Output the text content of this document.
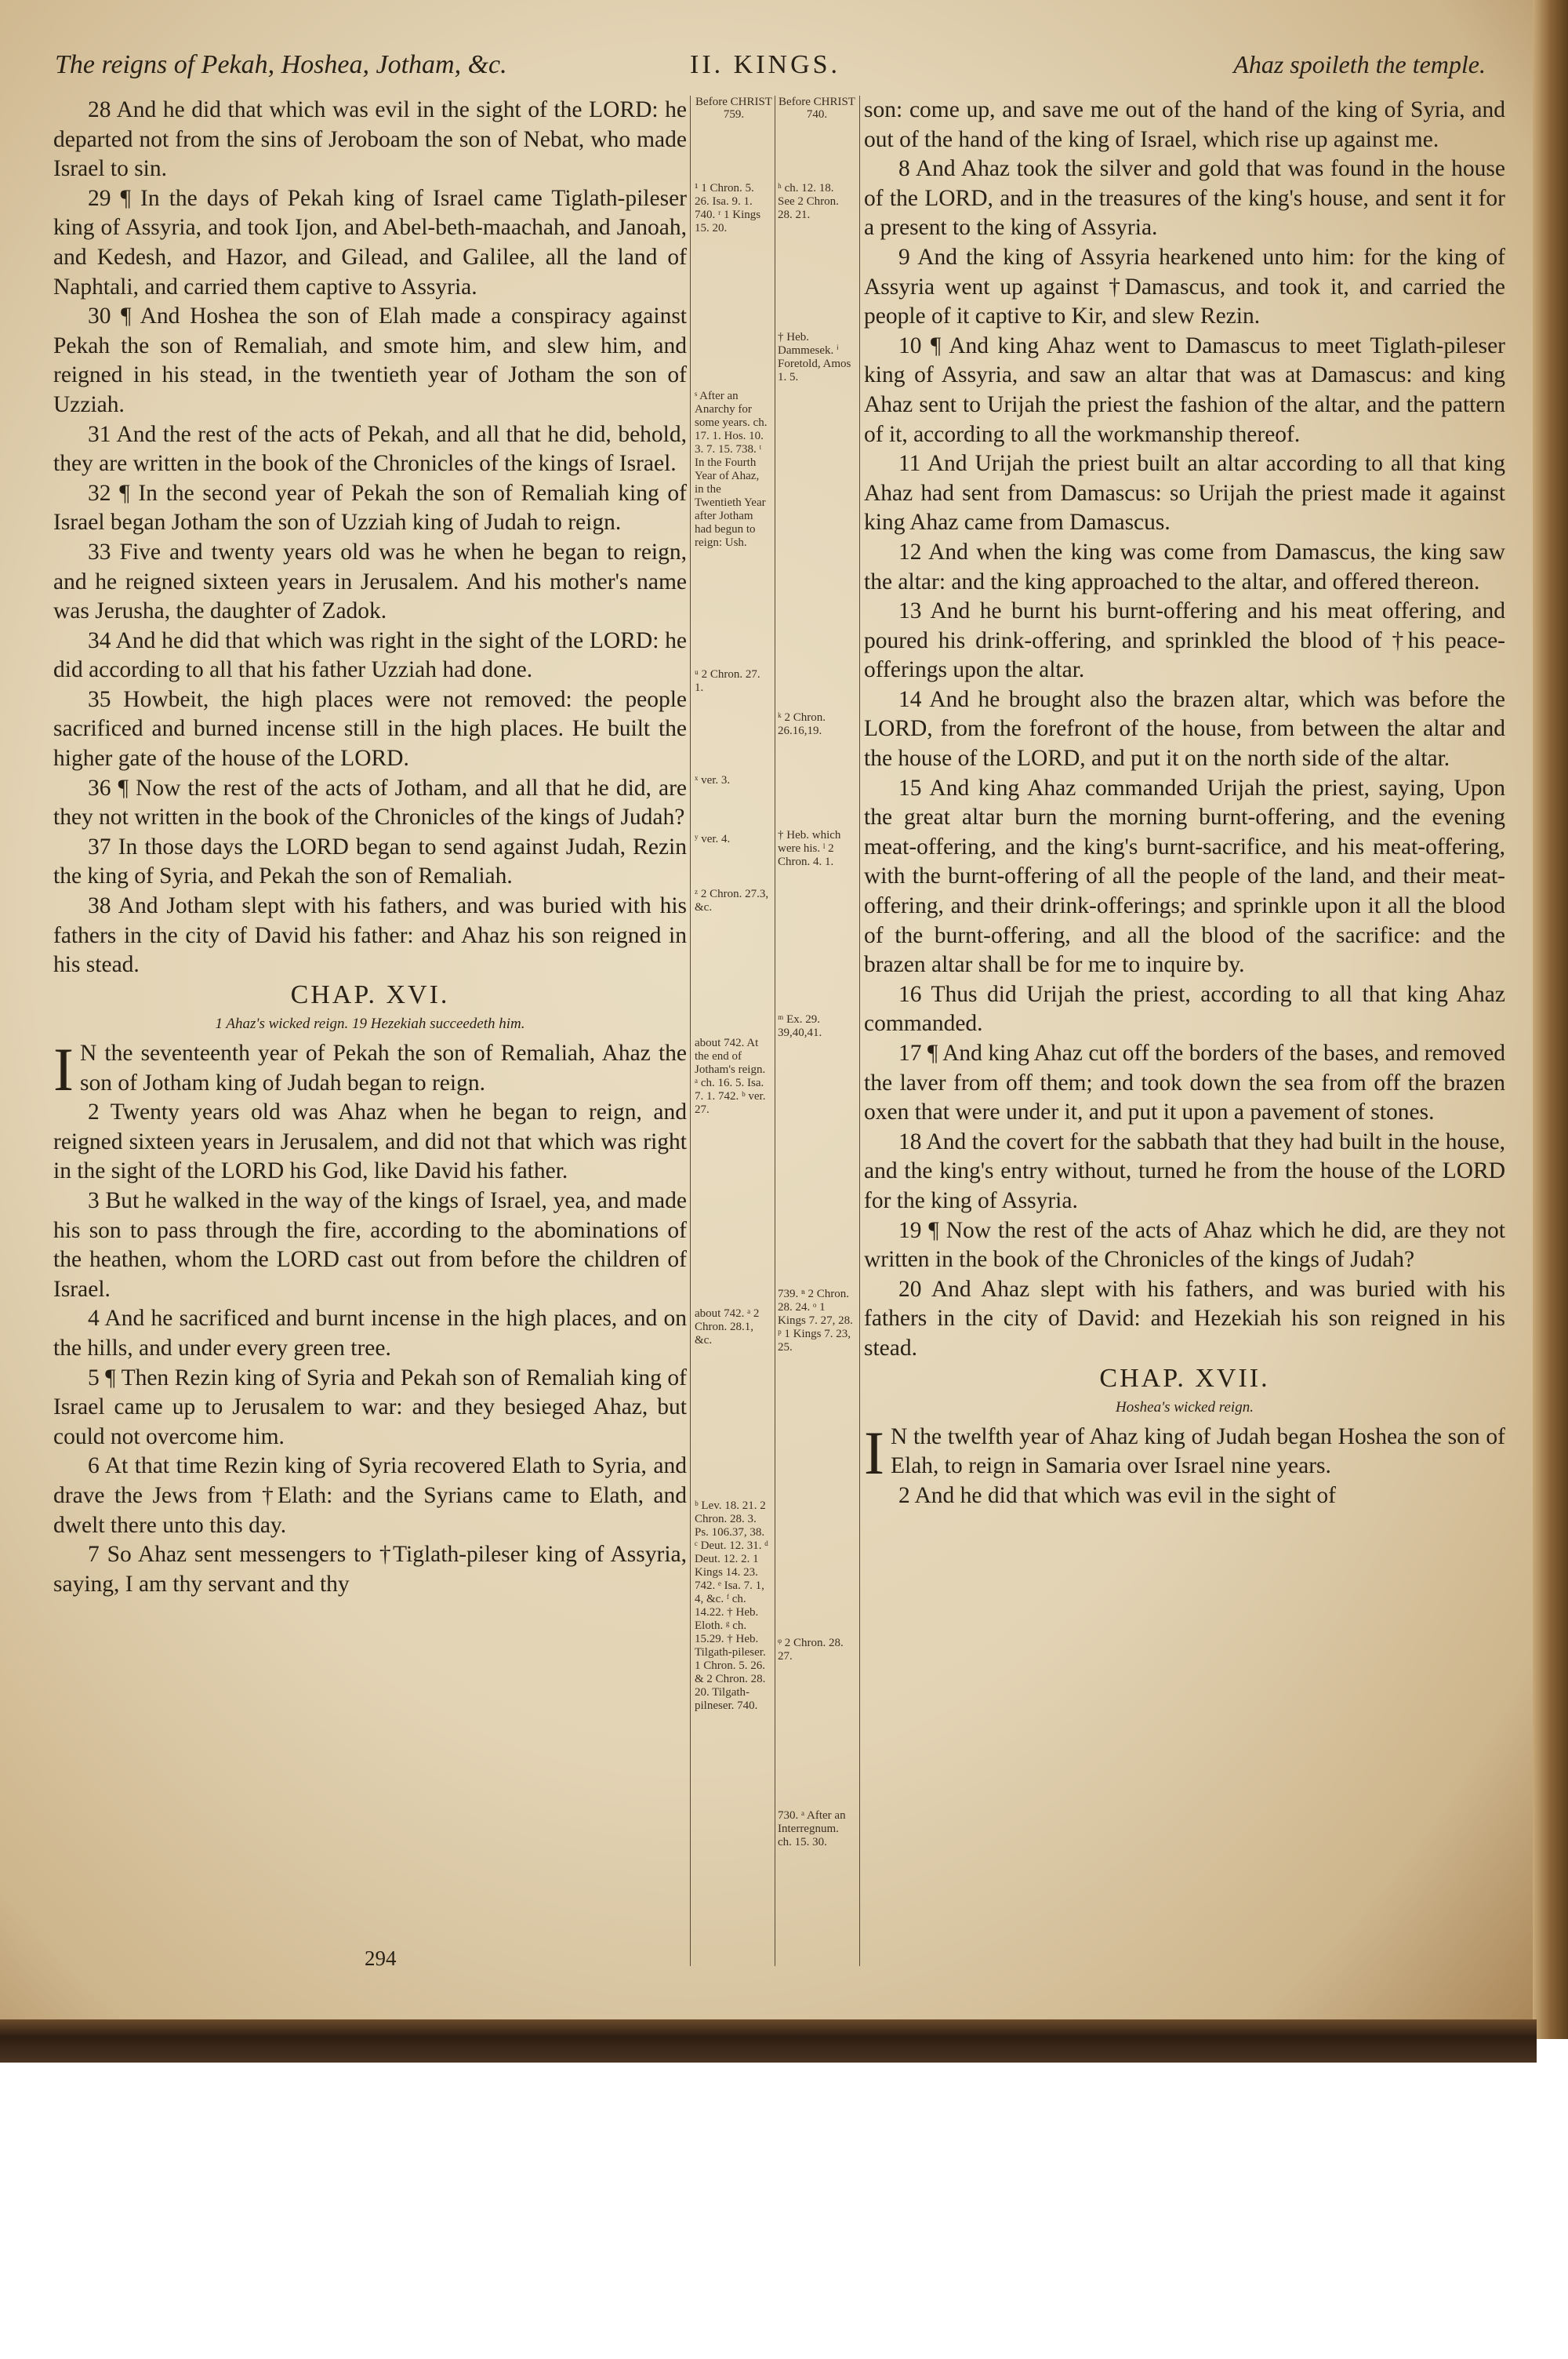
The reigns of Pekah, Hoshea, Jotham, &c.	II. KINGS.	Ahaz spoileth the temple.

28 And he did that which was evil in the sight of the LORD: he departed not from the sins of Jeroboam the son of Nebat, who made Israel to sin.

29 ¶ In the days of Pekah king of Israel came Tiglath-pileser king of Assyria, and took Ijon, and Abel-beth-maachah, and Janoah, and Kedesh, and Hazor, and Gilead, and Galilee, all the land of Naphtali, and carried them captive to Assyria.

30 ¶ And Hoshea the son of Elah made a conspiracy against Pekah the son of Remaliah, and smote him, and slew him, and reigned in his stead, in the twentieth year of Jotham the son of Uzziah.

31 And the rest of the acts of Pekah, and all that he did, behold, they are written in the book of the Chronicles of the kings of Israel.

32 ¶ In the second year of Pekah the son of Remaliah king of Israel began Jotham the son of Uzziah king of Judah to reign.

33 Five and twenty years old was he when he began to reign, and he reigned sixteen years in Jerusalem. And his mother's name was Jerusha, the daughter of Zadok.

34 And he did that which was right in the sight of the LORD: he did according to all that his father Uzziah had done.

35 Howbeit, the high places were not removed: the people sacrificed and burned incense still in the high places. He built the higher gate of the house of the LORD.

36 ¶ Now the rest of the acts of Jotham, and all that he did, are they not written in the book of the Chronicles of the kings of Judah?

37 In those days the LORD began to send against Judah, Rezin the king of Syria, and Pekah the son of Remaliah.

38 And Jotham slept with his fathers, and was buried with his fathers in the city of David his father: and Ahaz his son reigned in his stead.

CHAP. XVI.

1 Ahaz's wicked reign. 19 Hezekiah succeedeth him.

I N the seventeenth year of Pekah the son of Remaliah, Ahaz the son of Jotham king of Judah began to reign.

2 Twenty years old was Ahaz when he began to reign, and reigned sixteen years in Jerusalem, and did not that which was right in the sight of the LORD his God, like David his father.

3 But he walked in the way of the kings of Israel, yea, and made his son to pass through the fire, according to the abominations of the heathen, whom the LORD cast out from before the children of Israel.

4 And he sacrificed and burnt incense in the high places, and on the hills, and under every green tree.

5 ¶ Then Rezin king of Syria and Pekah son of Remaliah king of Israel came up to Jerusalem to war: and they besieged Ahaz, but could not overcome him.

6 At that time Rezin king of Syria recovered Elath to Syria, and drave the Jews from †Elath: and the Syrians came to Elath, and dwelt there unto this day.

7 So Ahaz sent messengers to †Tiglath-pileser king of Assyria, saying, I am thy servant and thy

Before CHRIST
759.
¹ 1 Chron. 5. 26. Isa. 9. 1. 740. ʳ 1 Kings 15. 20.
ˢ After an Anarchy for some years. ch. 17. 1. Hos. 10. 3. 7. 15. 738. ᵗ In the Fourth Year of Ahaz, in the Twentieth Year after Jotham had begun to reign: Ush.
ᵘ 2 Chron. 27. 1.
ˣ ver. 3.
ʸ ver. 4.
ᶻ 2 Chron. 27.3, &c.
about 742. At the end of Jotham's reign. ᵃ ch. 16. 5. Isa. 7. 1. 742. ᵇ ver. 27.
about 742. ᵃ 2 Chron. 28.1, &c.
ᵇ Lev. 18. 21. 2 Chron. 28. 3. Ps. 106.37, 38. ᶜ Deut. 12. 31. ᵈ Deut. 12. 2. 1 Kings 14. 23. 742. ᵉ Isa. 7. 1, 4, &c. ᶠ ch. 14.22. † Heb. Eloth. ᵍ ch. 15.29. † Heb. Tilgath-pileser. 1 Chron. 5. 26. & 2 Chron. 28. 20. Tilgath-pilneser. 740.
Before CHRIST
740.
ʰ ch. 12. 18. See 2 Chron. 28. 21.
† Heb. Dammesek. ⁱ Foretold, Amos 1. 5.
ᵏ 2 Chron. 26.16,19.
† Heb. which were his. ˡ 2 Chron. 4. 1.
ᵐ Ex. 29. 39,40,41.
739. ⁿ 2 Chron. 28. 24. ᵒ 1 Kings 7. 27, 28. ᵖ 1 Kings 7. 23, 25.
ᵠ 2 Chron. 28. 27.
730. ᵃ After an Interregnum. ch. 15. 30.

son: come up, and save me out of the hand of the king of Syria, and out of the hand of the king of Israel, which rise up against me.

8 And Ahaz took the silver and gold that was found in the house of the LORD, and in the treasures of the king's house, and sent it for a present to the king of Assyria.

9 And the king of Assyria hearkened unto him: for the king of Assyria went up against †Damascus, and took it, and carried the people of it captive to Kir, and slew Rezin.

10 ¶ And king Ahaz went to Damascus to meet Tiglath-pileser king of Assyria, and saw an altar that was at Damascus: and king Ahaz sent to Urijah the priest the fashion of the altar, and the pattern of it, according to all the workmanship thereof.

11 And Urijah the priest built an altar according to all that king Ahaz had sent from Damascus: so Urijah the priest made it against king Ahaz came from Damascus.

12 And when the king was come from Damascus, the king saw the altar: and the king approached to the altar, and offered thereon.

13 And he burnt his burnt-offering and his meat offering, and poured his drink-offering, and sprinkled the blood of †his peace-offerings upon the altar.

14 And he brought also the brazen altar, which was before the LORD, from the forefront of the house, from between the altar and the house of the LORD, and put it on the north side of the altar.

15 And king Ahaz commanded Urijah the priest, saying, Upon the great altar burn the morning burnt-offering, and the evening meat-offering, and the king's burnt-sacrifice, and his meat-offering, with the burnt-offering of all the people of the land, and their meat-offering, and their drink-offerings; and sprinkle upon it all the blood of the burnt-offering, and all the blood of the sacrifice: and the brazen altar shall be for me to inquire by.

16 Thus did Urijah the priest, according to all that king Ahaz commanded.

17 ¶ And king Ahaz cut off the borders of the bases, and removed the laver from off them; and took down the sea from off the brazen oxen that were under it, and put it upon a pavement of stones.

18 And the covert for the sabbath that they had built in the house, and the king's entry without, turned he from the house of the LORD for the king of Assyria.

19 ¶ Now the rest of the acts of Ahaz which he did, are they not written in the book of the Chronicles of the kings of Judah?

20 And Ahaz slept with his fathers, and was buried with his fathers in the city of David: and Hezekiah his son reigned in his stead.

CHAP. XVII.

Hoshea's wicked reign.

I N the twelfth year of Ahaz king of Judah began Hoshea the son of Elah, to reign in Samaria over Israel nine years.

2 And he did that which was evil in the sight of

294
